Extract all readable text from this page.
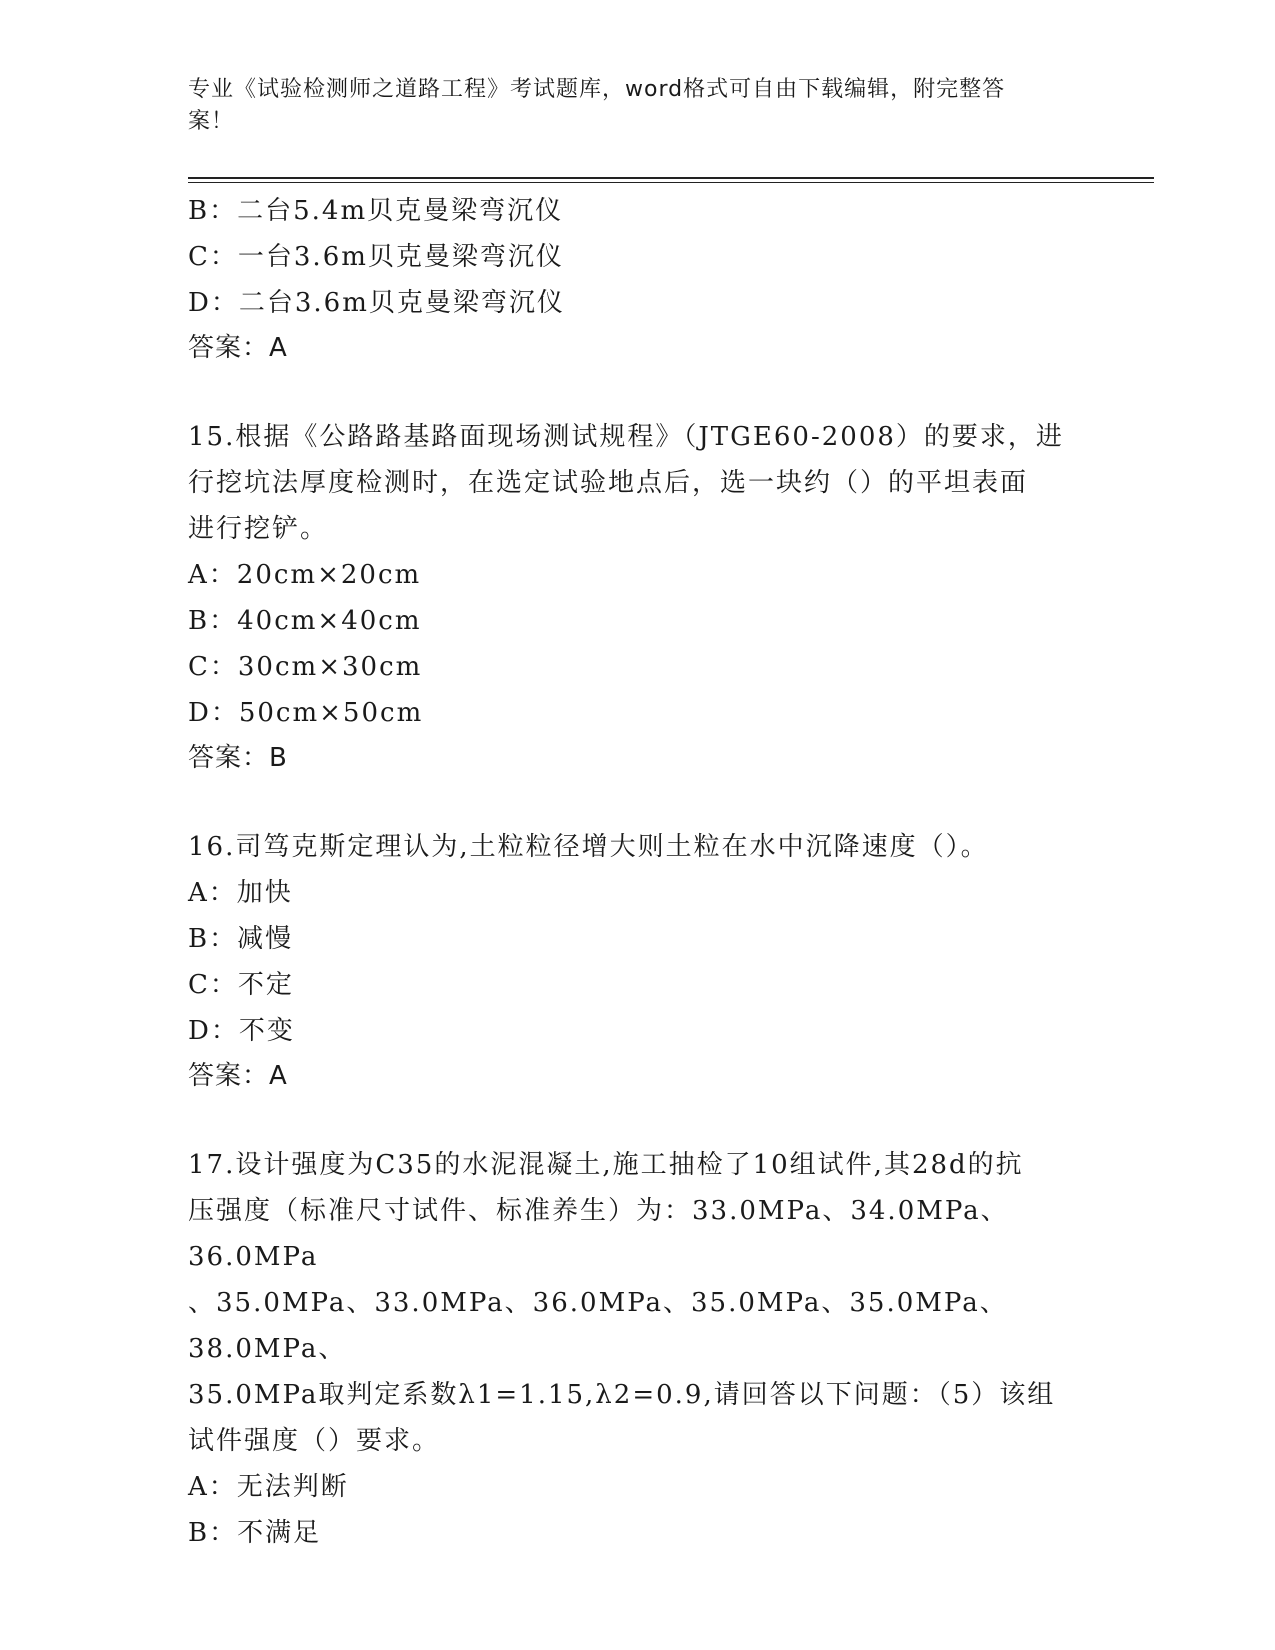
专业《试验检测师之道路工程》考试题库，word格式可自由下载编辑，附完整答
案！
B：二台5.4m贝克曼梁弯沉仪
C：一台3.6m贝克曼梁弯沉仪
D：二台3.6m贝克曼梁弯沉仪
答案：A
15.根据《公路路基路面现场测试规程》（JTGE60-2008）的要求，进
行挖坑法厚度检测时，在选定试验地点后，选一块约（）的平坦表面
进行挖铲。
A：20cm×20cm
B：40cm×40cm
C：30cm×30cm
D：50cm×50cm
答案：B
16.司笃克斯定理认为,土粒粒径增大则土粒在水中沉降速度（）。
A：加快
B：减慢
C：不定
D：不变
答案：A
17.设计强度为C35的水泥混凝土,施工抽检了10组试件,其28d的抗
压强度（标准尺寸试件、标准养生）为：33.0MPa、34.0MPa、36.0MPa
、35.0MPa、33.0MPa、36.0MPa、35.0MPa、35.0MPa、38.0MPa、
35.0MPa取判定系数λ1=1.15,λ2=0.9,请回答以下问题：（5）该组
试件强度（）要求。
A：无法判断
B：不满足
